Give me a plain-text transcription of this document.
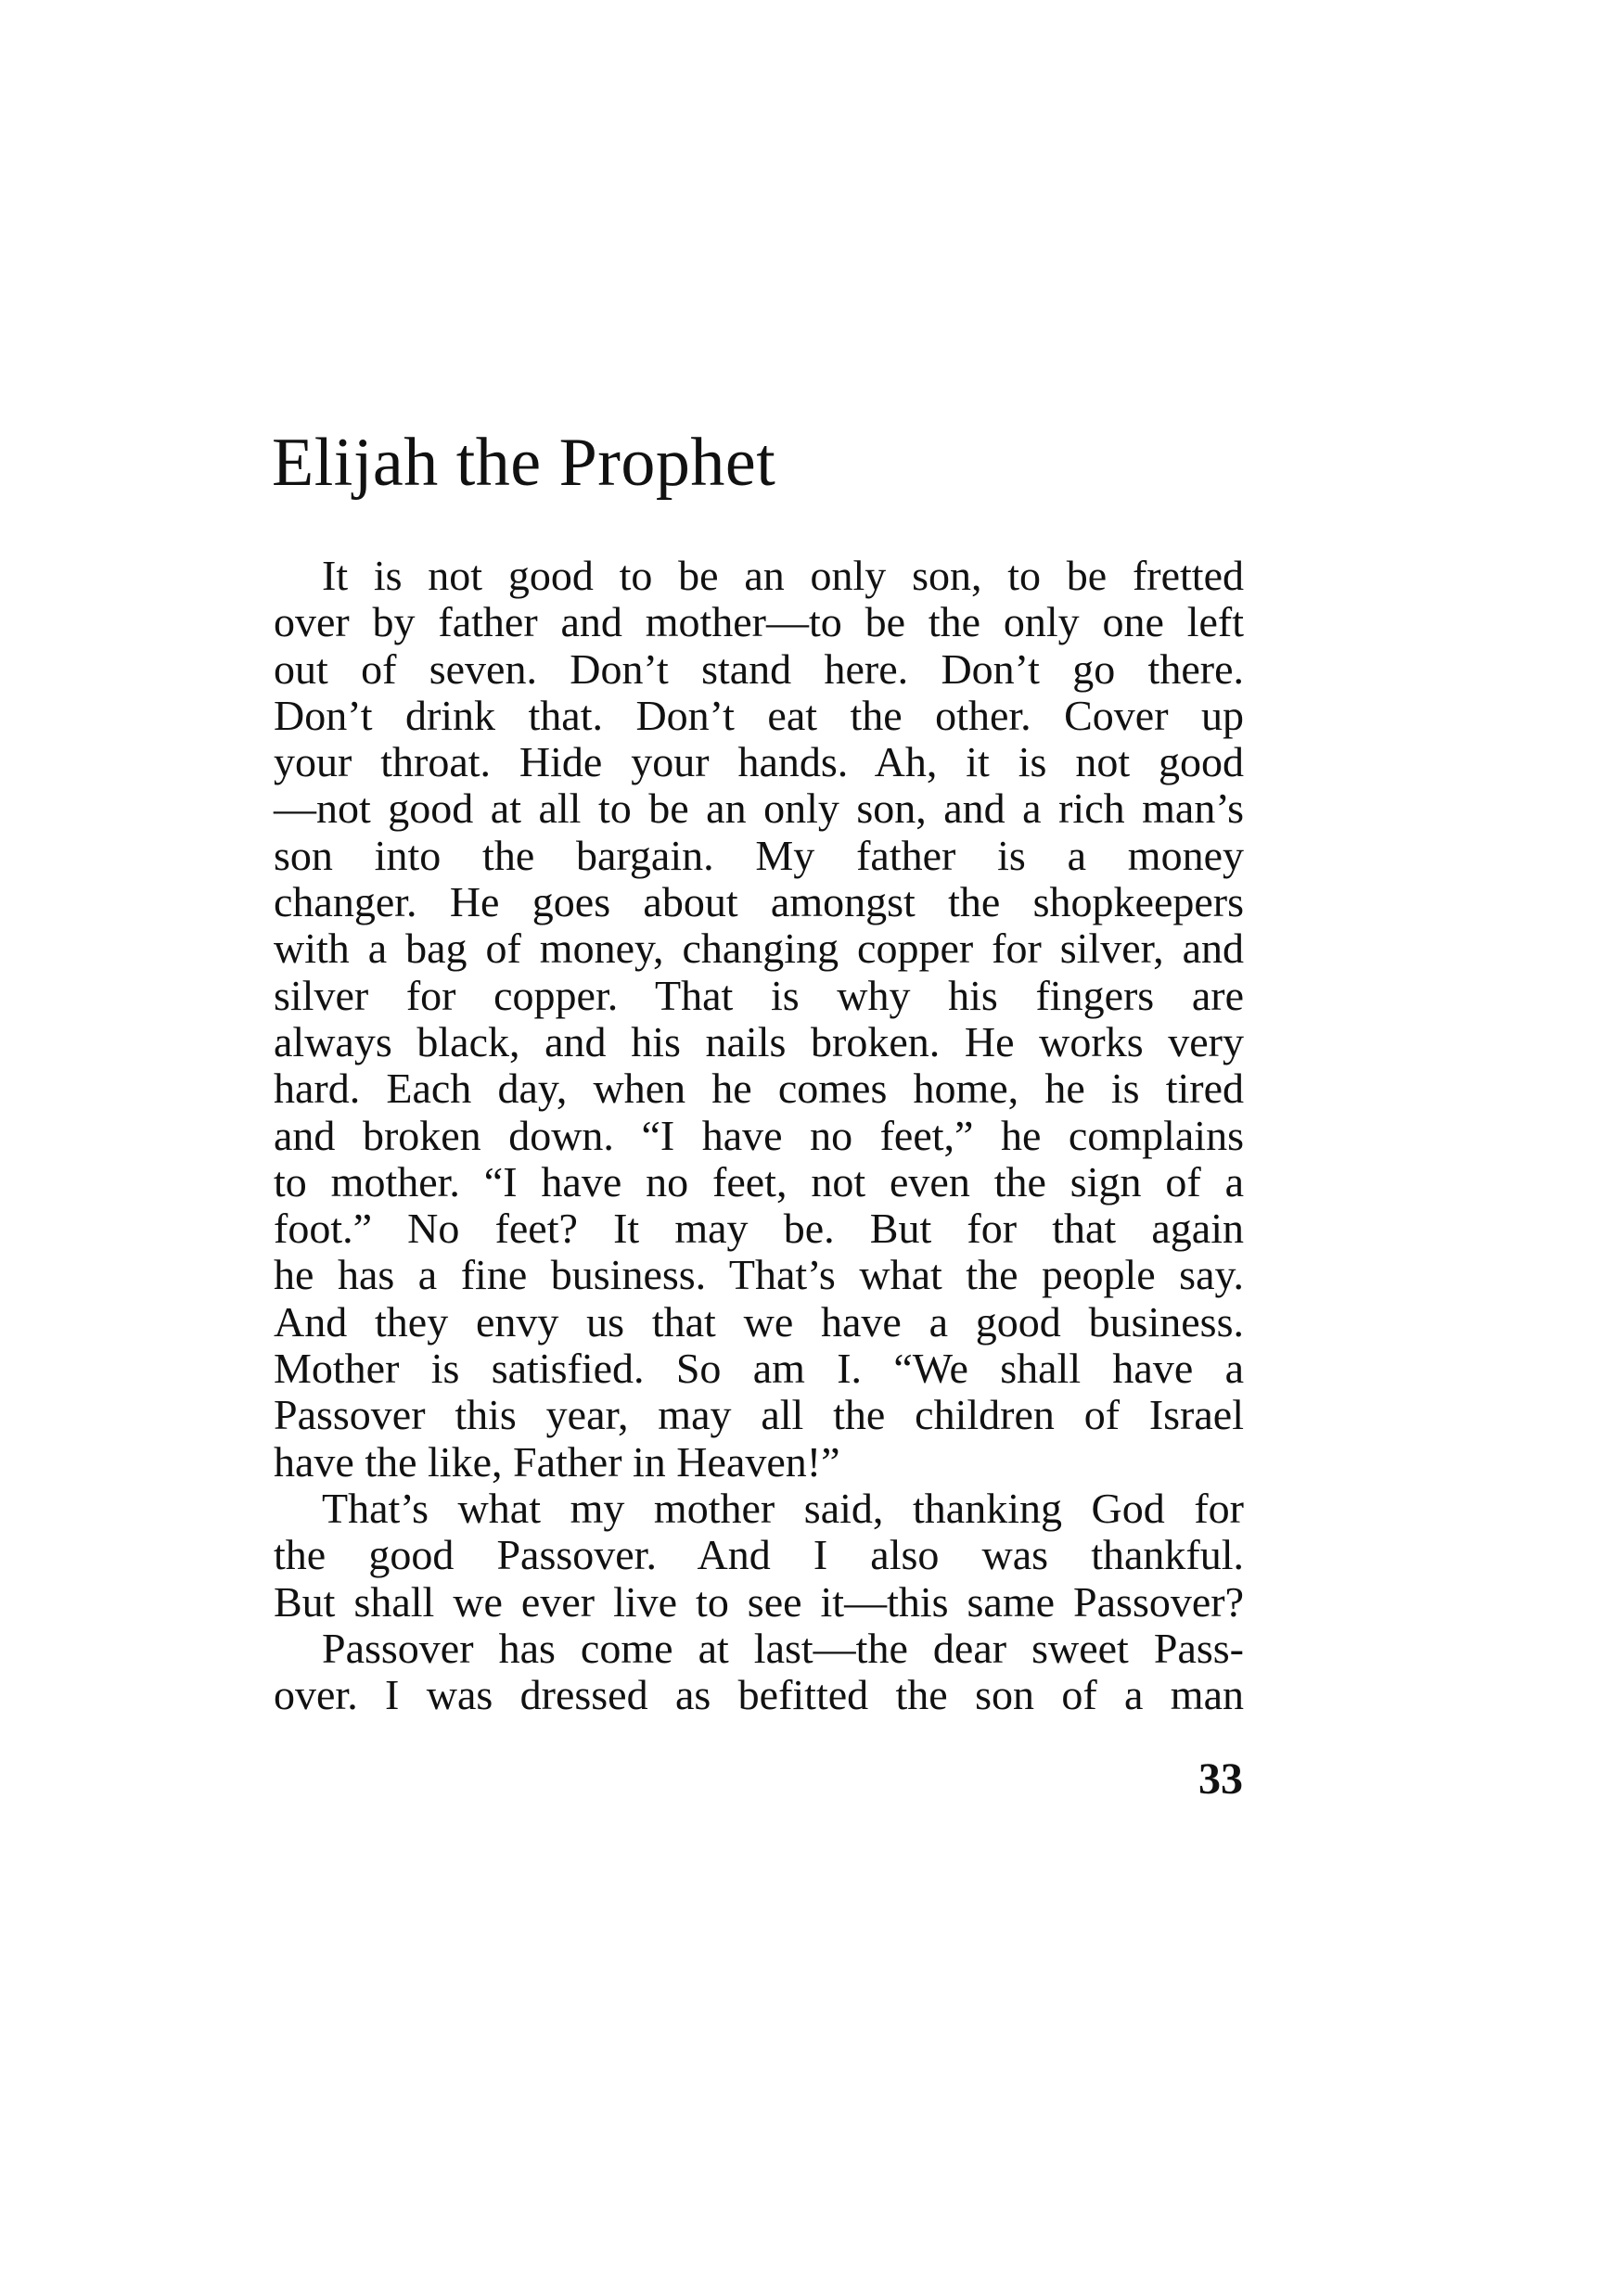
Elijah the Prophet
It is not good to be an only son, to be fretted
over by father and mother—to be the only one left
out of seven. Don’t stand here. Don’t go there.
Don’t drink that. Don’t eat the other. Cover up
your throat. Hide your hands. Ah, it is not good
—not good at all to be an only son, and a rich man’s
son into the bargain. My father is a money
changer. He goes about amongst the shopkeepers
with a bag of money, changing copper for silver, and
silver for copper. That is why his fingers are
always black, and his nails broken. He works very
hard. Each day, when he comes home, he is tired
and broken down. “I have no feet,” he complains
to mother. “I have no feet, not even the sign of a
foot.” No feet? It may be. But for that again
he has a fine business. That’s what the people say.
And they envy us that we have a good business.
Mother is satisfied. So am I. “We shall have a
Passover this year, may all the children of Israel
have the like, Father in Heaven!”
That’s what my mother said, thanking God for
the good Passover. And I also was thankful.
But shall we ever live to see it—this same Passover?
Passover has come at last—the dear sweet Pass-
over. I was dressed as befitted the son of a man
33
